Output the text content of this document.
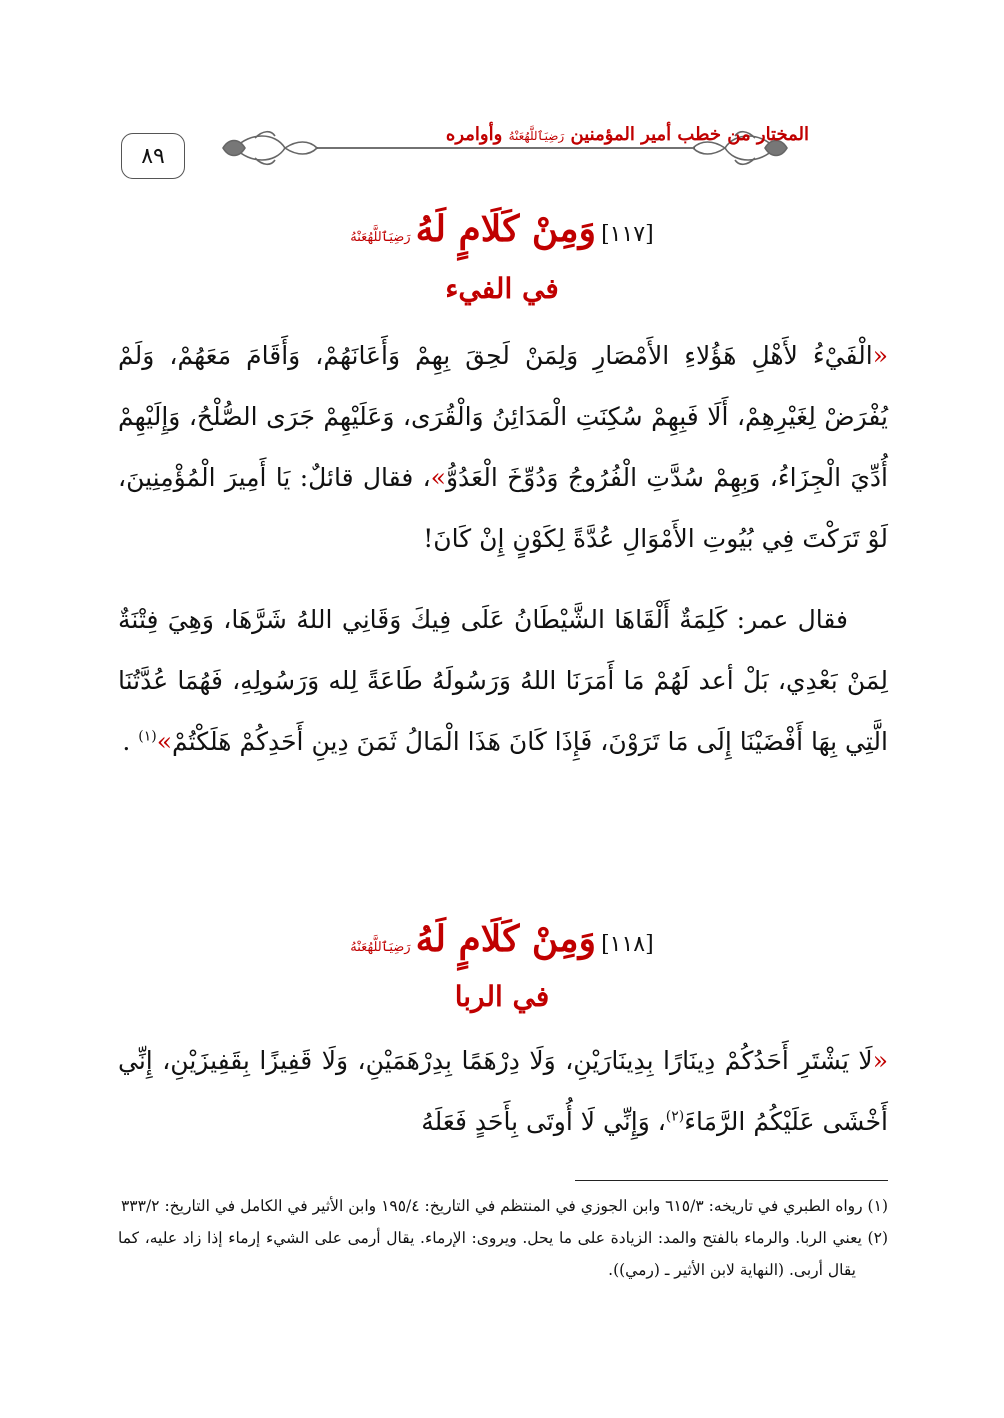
٨٩
المختار من خطب أمير المؤمنين رَضِيَٱللَّهُعَنْهُ وأوامره
[١١٧] وَمِنْ كَلَامٍ لَهُ رَضِيَٱللَّهُعَنْهُ
في الفيء

«الْفَيْءُ لأَهْلِ هَؤُلاءِ الأَمْصَارِ وَلِمَنْ لَحِقَ بِهِمْ وَأَعَانَهُمْ، وَأَقَامَ مَعَهُمْ، وَلَمْ يُفْرَضْ لِغَيْرِهِمْ، أَلَا فَبِهِمْ سُكِنَتِ الْمَدَائِنُ وَالْقُرَى، وَعَلَيْهِمْ جَرَى الصُّلْحُ، وَإِلَيْهِمْ أُدِّيَ الْجِزَاءُ، وَبِهِمْ سُدَّتِ الْفُرُوجُ وَدُوِّخَ الْعَدُوُّ»، فقال قائلٌ: يَا أَمِيرَ الْمُؤْمِنِينَ، لَوْ تَرَكْتَ فِي بُيُوتِ الأَمْوَالِ عُدَّةً لِكَوْنٍ إِنْ كَانَ!

فقال عمر: كَلِمَةٌ أَلْقَاهَا الشَّيْطَانُ عَلَى فِيكَ وَقَانِي اللهُ شَرَّهَا، وَهِيَ فِتْنَةٌ لِمَنْ بَعْدِي، بَلْ أعد لَهُمْ مَا أَمَرَنَا اللهُ وَرَسُولَهُ طَاعَةً لِله وَرَسُولِهِ، فَهُمَا عُدَّتُنَا الَّتِي بِهَا أَفْضَيْنَا إِلَى مَا تَرَوْنَ، فَإِذَا كَانَ هَذَا الْمَالُ ثَمَنَ دِينِ أَحَدِكُمْ هَلَكْتُمْ»$^{(١)}$ .

[١١٨] وَمِنْ كَلَامٍ لَهُ رَضِيَٱللَّهُعَنْهُ
في الربا

«لَا يَشْتَرِ أَحَدُكُمْ دِينَارًا بِدِينَارَيْنِ، وَلَا دِرْهَمًا بِدِرْهَمَيْنِ، وَلَا قَفِيزًا بِقَفِيزَيْنِ، إِنِّي أَخْشَى عَلَيْكُمُ الرَّمَاءَ$^{(٢)}$، وَإِنِّي لَا أُوتَى بِأَحَدٍ فَعَلَهُ

(١) رواه الطبري في تاريخه: ٦١٥/٣ وابن الجوزي في المنتظم في التاريخ: ١٩٥/٤ وابن الأثير في الكامل في التاريخ: ٣٣٣/٢

(٢) يعني الربا. والرماء بالفتح والمد: الزيادة على ما يحل. ويروى: الإرماء. يقال أرمى على الشيء إرماء إذا زاد عليه، كما يقال أربى. (النهاية لابن الأثير ـ (رمي)).
